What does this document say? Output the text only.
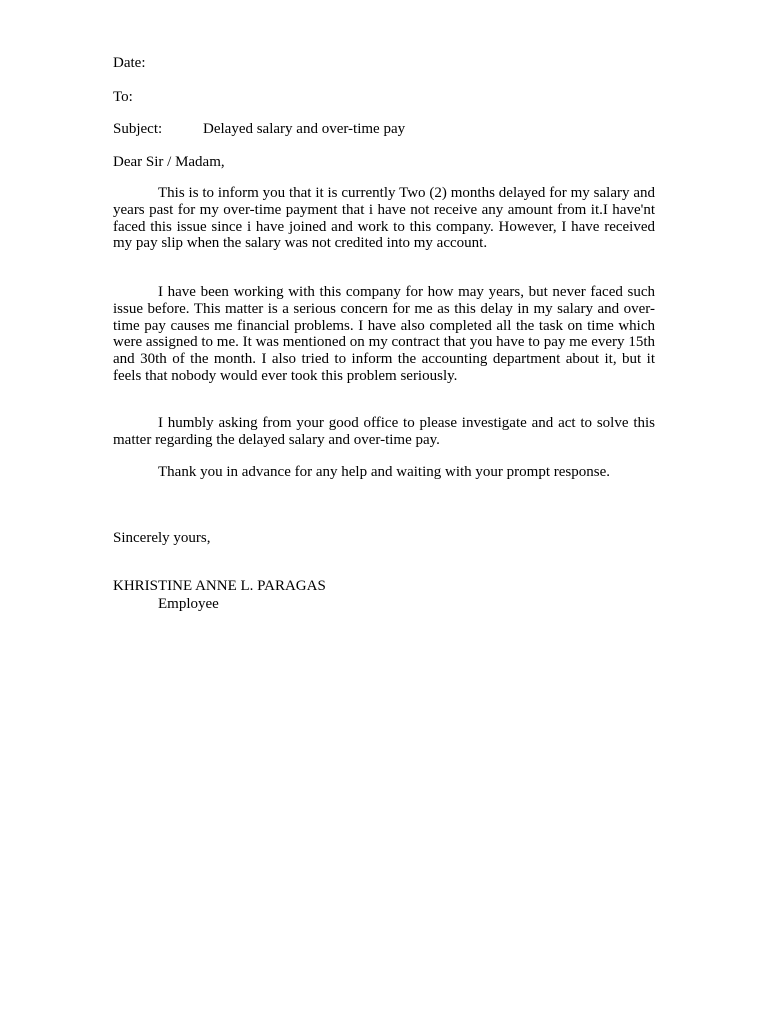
Date:

To:

Subject:	Delayed salary and over-time pay

Dear Sir / Madam,

This is to inform you that it is currently Two (2) months delayed for my salary and years past for my over-time payment that i have not receive any amount from it.I have'nt faced this issue since i have joined and work to this company. However, I have received my pay slip when the salary was not credited into my account.

I have been working with this company for how may years, but never faced such issue before. This matter is a serious concern for me as this delay in my salary and over-time pay causes me financial problems. I have also completed all the task on time which were assigned to me. It was mentioned on my contract that you have to pay me every 15th and 30th of the month. I also tried to inform the accounting department about it, but it feels that nobody would ever took this problem seriously.

I humbly asking from your good office to please investigate and act to solve this matter regarding the delayed salary and over-time pay.

Thank you in advance for any help and waiting with your prompt response.

Sincerely yours,

KHRISTINE ANNE L. PARAGAS

Employee
